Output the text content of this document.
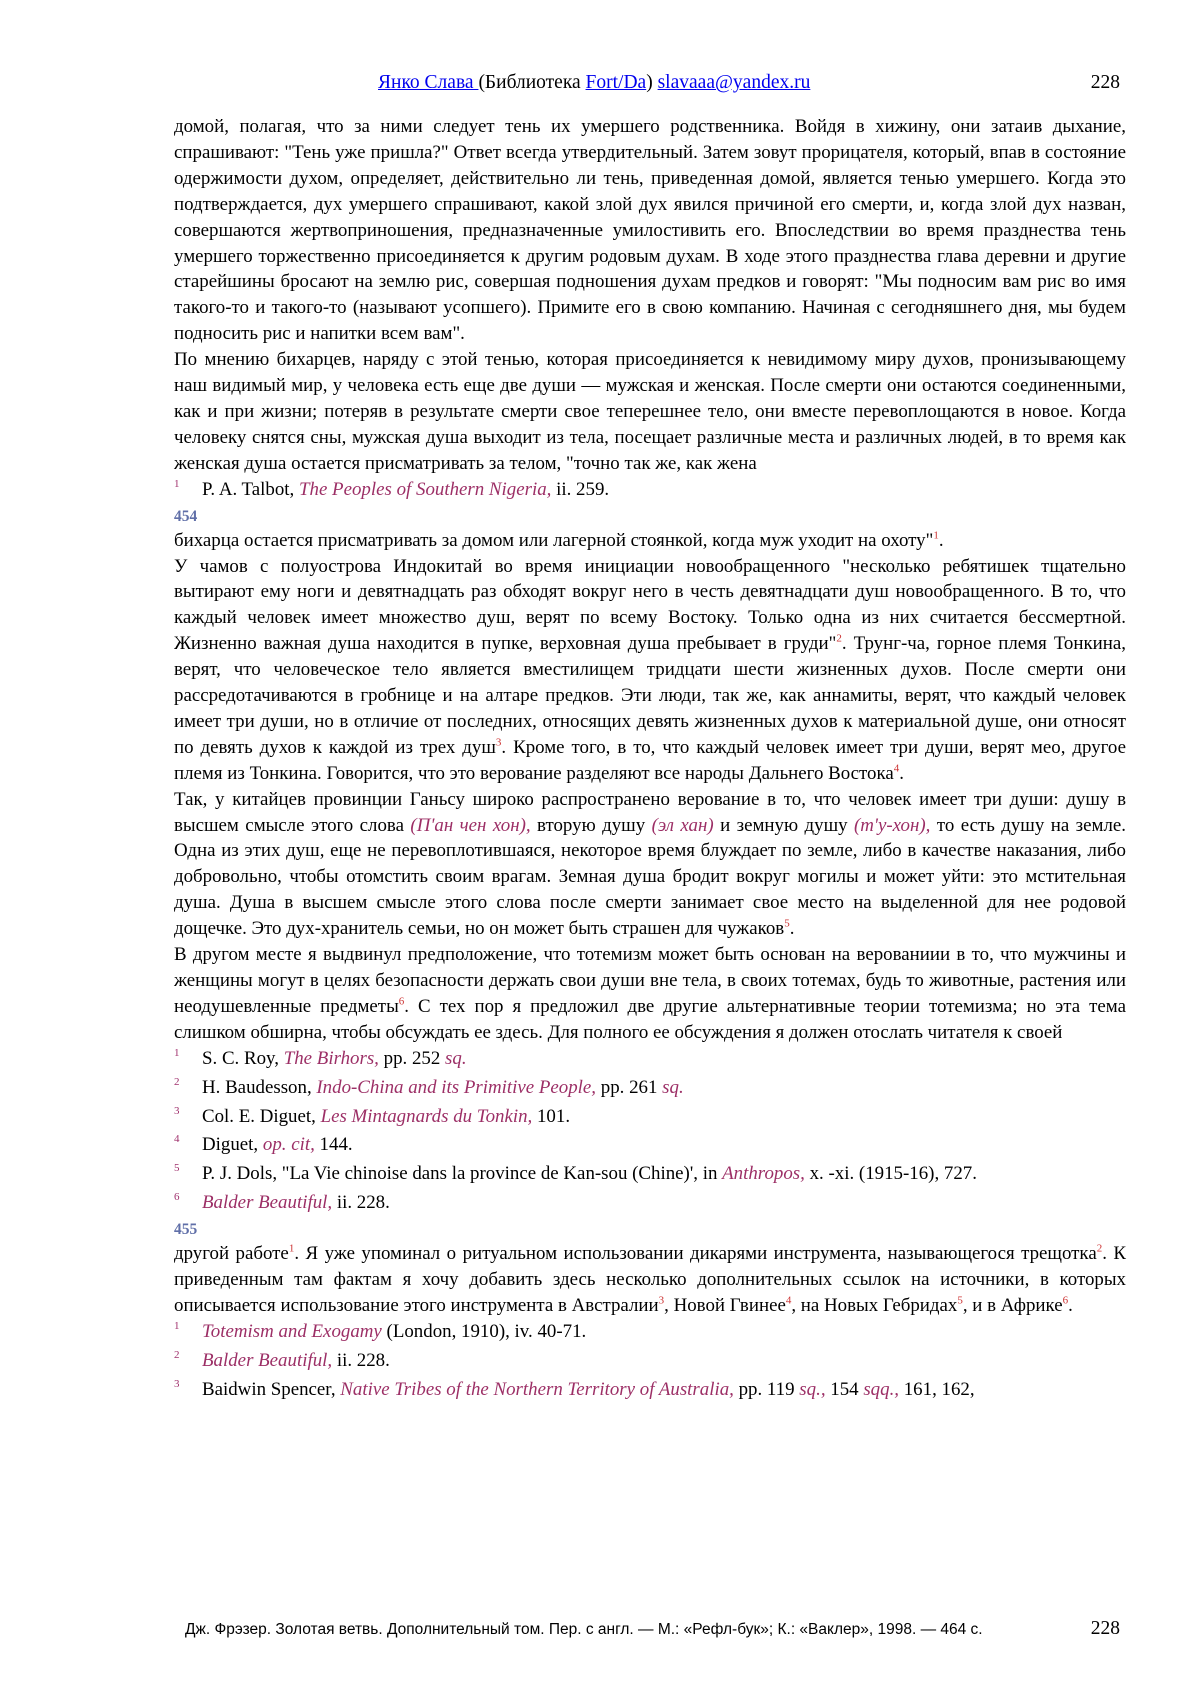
Янко Слава (Библиотека Fort/Da) slavaaa@yandex.ru	228

домой, полагая, что за ними следует тень их умершего родственника. Войдя в хижину, они затаив дыхание, спрашивают: "Тень уже пришла?" Ответ всегда утвердительный. Затем зовут прорицателя, который, впав в состояние одержимости духом, определяет, действительно ли тень, приведенная домой, является тенью умершего. Когда это подтверждается, дух умершего спрашивают, какой злой дух явился причиной его смерти, и, когда злой дух назван, совершаются жертвоприношения, предназначенные умилостивить его. Впоследствии во время празднества тень умершего торжественно присоединяется к другим родовым духам. В ходе этого празднества глава деревни и другие старейшины бросают на землю рис, совершая подношения духам предков и говорят: "Мы подносим вам рис во имя такого-то и такого-то (называют усопшего). Примите его в свою компанию. Начиная с сегодняшнего дня, мы будем подносить рис и напитки всем вам".

По мнению бихарцев, наряду с этой тенью, которая присоединяется к невидимому миру духов, пронизывающему наш видимый мир, у человека есть еще две души — мужская и женская. После смерти они остаются соединенными, как и при жизни; потеряв в результате смерти свое теперешнее тело, они вместе перевоплощаются в новое. Когда человеку снятся сны, мужская душа выходит из тела, посещает различные места и различных людей, в то время как женская душа остается присматривать за телом, "точно так же, как жена

1	P. A. Talbot, The Peoples of Southern Nigeria, ii. 259.

454

бихарца остается присматривать за домом или лагерной стоянкой, когда муж уходит на охоту"$^1$.

У чамов с полуострова Индокитай во время инициации новообращенного "несколько ребятишек тщательно вытирают ему ноги и девятнадцать раз обходят вокруг него в честь девятнадцати душ новообращенного. В то, что каждый человек имеет множество душ, верят по всему Востоку. Только одна из них считается бессмертной. Жизненно важная душа находится в пупке, верховная душа пребывает в груди"$^2$. Трунг-ча, горное племя Тонкина, верят, что человеческое тело является вместилищем тридцати шести жизненных духов. После смерти они рассредотачиваются в гробнице и на алтаре предков. Эти люди, так же, как аннамиты, верят, что каждый человек имеет три души, но в отличие от последних, относящих девять жизненных духов к материальной душе, они относят по девять духов к каждой из трех душ$^3$. Кроме того, в то, что каждый человек имеет три души, верят мео, другое племя из Тонкина. Говорится, что это верование разделяют все народы Дальнего Востока$^4$.

Так, у китайцев провинции Ганьсу широко распространено верование в то, что человек имеет три души: душу в высшем смысле этого слова (П'ан чен хон), вторую душу (эл хан) и земную душу (т'у-хон), то есть душу на земле. Одна из этих душ, еще не перевоплотившаяся, некоторое время блуждает по земле, либо в качестве наказания, либо добровольно, чтобы отомстить своим врагам. Земная душа бродит вокруг могилы и может уйти: это мстительная душа. Душа в высшем смысле этого слова после смерти занимает свое место на выделенной для нее родовой дощечке. Это дух-хранитель семьи, но он может быть страшен для чужаков$^5$.

В другом месте я выдвинул предположение, что тотемизм может быть основан на верованиии в то, что мужчины и женщины могут в целях безопасности держать свои души вне тела, в своих тотемах, будь то животные, растения или неодушевленные предметы$^6$. С тех пор я предложил две другие альтернативные теории тотемизма; но эта тема слишком обширна, чтобы обсуждать ее здесь. Для полного ее обсуждения я должен отослать читателя к своей

1	S. C. Roy, The Birhors, pp. 252 sq.
2	H. Baudesson, Indo-China and its Primitive People, pp. 261 sq.
3	Col. E. Diguet, Les Mintagnards du Tonkin, 101.
4	Diguet, op. cit, 144.
5	P. J. Dols, "La Vie chinoise dans la province de Kan-sou (Chine)', in Anthropos, x. -xi. (1915-16), 727.
6	Balder Beautiful, ii. 228.

455

другой работе$^1$. Я уже упоминал о ритуальном использовании дикарями инструмента, называющегося трещотка$^2$. К приведенным там фактам я хочу добавить здесь несколько дополнительных ссылок на источники, в которых описывается использование этого инструмента в Австралии$^3$, Новой Гвинее$^4$, на Новых Гебридах$^5$, и в Африке$^6$.

1	Totemism and Exogamy (London, 1910), iv. 40-71.
2	Balder Beautiful, ii. 228.
3	Baidwin Spencer, Native Tribes of the Northern Territory of Australia, pp. 119 sq., 154 sqq., 161, 162,
Дж. Фрэзер. Золотая ветвь. Дополнительный том. Пер. с англ. — М.: «Рефл-бук»; К.: «Ваклер», 1998. — 464 с.	228
